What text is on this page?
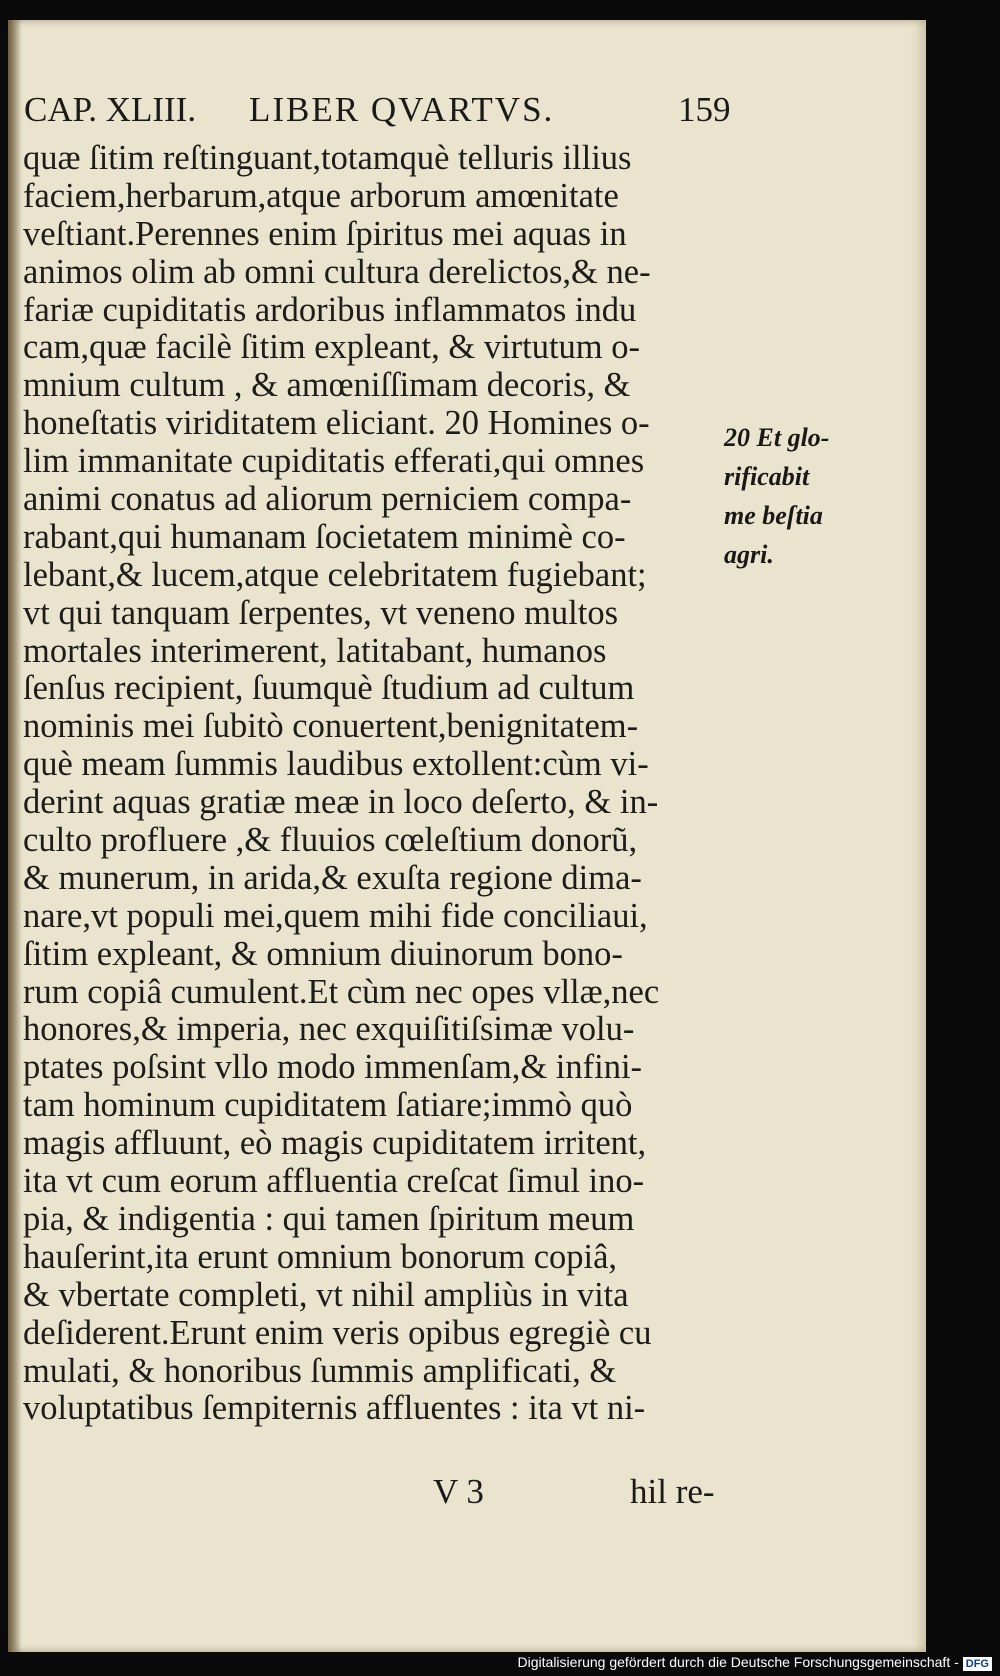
CAP. XLIII. LIBER QVARTVS.	159
quæ ſitim reſtinguant,totamquè telluris illius
faciem,herbarum,atque arborum amœnitate
veſtiant.Perennes enim ſpiritus mei aquas in
animos olim ab omni cultura derelictos,& ne-
fariæ cupiditatis ardoribus inflammatos indu
cam,quæ facilè ſitim expleant, & virtutum o-
mnium cultum , & amœniſſimam decoris, &
honeſtatis viriditatem eliciant. 20 Homines o-
lim immanitate cupiditatis efferati,qui omnes
animi conatus ad aliorum perniciem compa-
rabant,qui humanam ſocietatem minimè co-
lebant,& lucem,atque celebritatem fugiebant;
vt qui tanquam ſerpentes, vt veneno multos
mortales interimerent, latitabant, humanos
ſenſus recipient, ſuumquè ſtudium ad cultum
nominis mei ſubitò conuertent,benignitatem-
què meam ſummis laudibus extollent:cùm vi-
derint aquas gratiæ meæ in loco deſerto, & in-
culto profluere ,& fluuios cœleſtium donorũ,
& munerum, in arida,& exuſta regione dima-
nare,vt populi mei,quem mihi fide conciliaui,
ſitim expleant, & omnium diuinorum bono-
rum copiâ cumulent.Et cùm nec opes vllæ,nec
honores,& imperia, nec exquiſitiſsimæ volu-
ptates poſsint vllo modo immenſam,& infini-
tam hominum cupiditatem ſatiare;immò quò
magis affluunt, eò magis cupiditatem irritent,
ita vt cum eorum affluentia creſcat ſimul ino-
pia, & indigentia : qui tamen ſpiritum meum
hauſerint,ita erunt omnium bonorum copiâ,
& vbertate completi, vt nihil ampliùs in vita
deſiderent.Erunt enim veris opibus egregiè cu
mulati, & honoribus ſummis amplificati, &
voluptatibus ſempiternis affluentes : ita vt ni-
20 Et glo-
rificabit
me beſtia
agri.
V 3	hil re-
Digitalisierung gefördert durch die Deutsche Forschungsgemeinschaft - DFG
